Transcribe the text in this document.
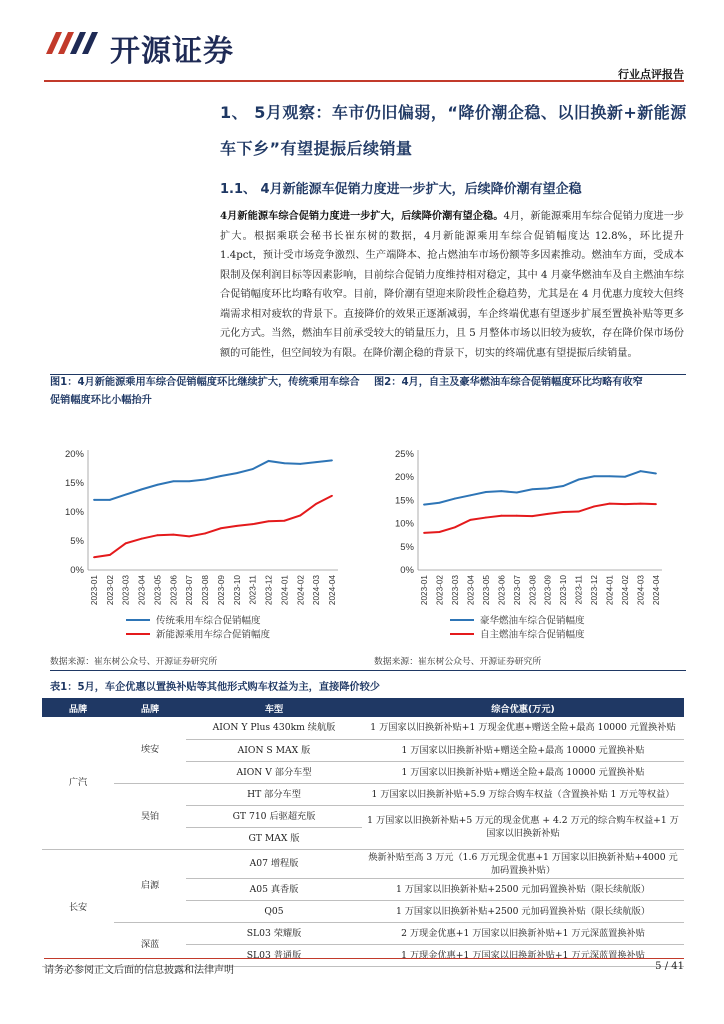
开源证券
行业点评报告
1、 5月观察：车市仍旧偏弱，“降价潮企稳、以旧换新+新能源
车下乡”有望提振后续销量
1.1、 4月新能源车促销力度进一步扩大，后续降价潮有望企稳
4月新能源车综合促销力度进一步扩大，后续降价潮有望企稳。4月，新能源乘用车综合促销力度进一步扩大。根据乘联会秘书长崔东树的数据，4月新能源乘用车综合促销幅度达 12.8%，环比提升 1.4pct，预计受市场竞争激烈、生产端降本、抢占燃油车市场份额等多因素推动。燃油车方面，受成本限制及保利润目标等因素影响，目前综合促销力度维持相对稳定，其中 4 月豪华燃油车及自主燃油车综合促销幅度环比均略有收窄。目前，降价潮有望迎来阶段性企稳趋势，尤其是在 4 月优惠力度较大但终端需求相对疲软的背景下。直接降价的效果正逐渐减弱，车企终端优惠有望逐步扩展至置换补贴等更多元化方式。当然，燃油车目前承受较大的销量压力，且 5 月整体市场以旧较为疲软，存在降价保市场份额的可能性，但空间较为有限。在降价潮企稳的背景下，切实的终端优惠有望提振后续销量。
图1：4月新能源乘用车综合促销幅度环比继续扩大，传统乘用车综合促销幅度环比小幅抬升
图2：4月，自主及豪华燃油车综合促销幅度环比均略有收窄
0%
5%
10%
15%
20%
2023-01 2023-02 2023-03 2023-04 2023-05 2023-06 2023-07 2023-08 2023-09 2023-10 2023-11 2023-12 2024-01 2024-02 2024-03 2024-04
传统乘用车综合促销幅度
新能源乘用车综合促销幅度
0%
5%
10%
15%
20%
25%
2023-01 2023-02 2023-03 2023-04 2023-05 2023-06 2023-07 2023-08 2023-09 2023-10 2023-11 2023-12 2024-01 2024-02 2024-03 2024-04
豪华燃油车综合促销幅度
自主燃油车综合促销幅度
数据来源：崔东树公众号、开源证券研究所	数据来源：崔东树公众号、开源证券研究所
表1：5月，车企优惠以置换补贴等其他形式购车权益为主，直接降价较少
品牌	品牌	车型	综合优惠(万元)
广汽	埃安	AION Y Plus 430km 续航版	1 万国家以旧换新补贴+1 万现金优惠+赠送全险+最高 10000 元置换补贴
		AION S MAX 版	1 万国家以旧换新补贴+赠送全险+最高 10000 元置换补贴
		AION V 部分车型	1 万国家以旧换新补贴+赠送全险+最高 10000 元置换补贴
	昊铂	HT 部分车型	1 万国家以旧换新补贴+5.9 万综合购车权益（含置换补贴 1 万元等权益）
		GT 710 后驱超充版	1 万国家以旧换新补贴+5 万元的现金优惠 + 4.2 万元的综合购车权益+1 万国家以旧换新补贴
		GT MAX 版	
长安	启源	A07 增程版	焕新补贴至高 3 万元（1.6 万元现金优惠+1 万国家以旧换新补贴+4000 元加码置换补贴）
		A05 真香版	1 万国家以旧换新补贴+2500 元加码置换补贴（限长续航版）
		Q05	1 万国家以旧换新补贴+2500 元加码置换补贴（限长续航版）
	深蓝	SL03 荣耀版	2 万现金优惠+1 万国家以旧换新补贴+1 万元深蓝置换补贴
		SL03 普通版	1 万现金优惠+1 万国家以旧换新补贴+1 万元深蓝置换补贴
请务必参阅正文后面的信息披露和法律声明	5 / 41
